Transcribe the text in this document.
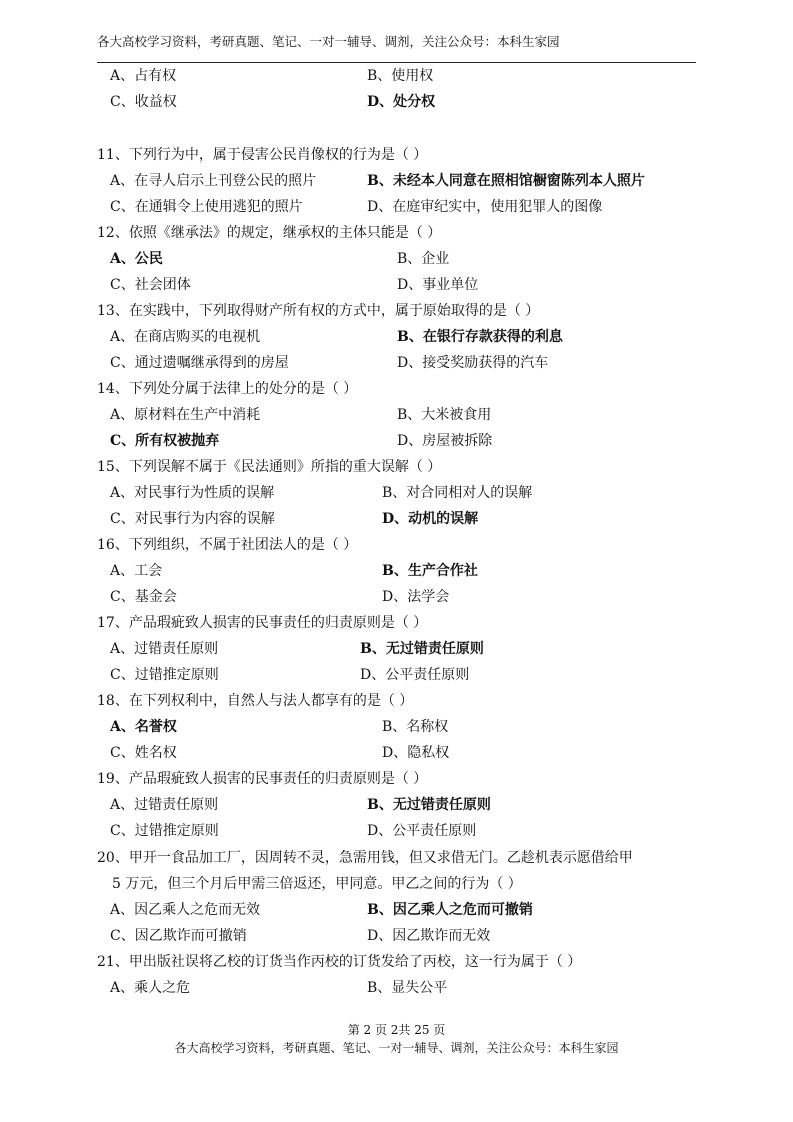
各大高校学习资料，考研真题、笔记、一对一辅导、调剂，关注公众号：本科生家园
A、占有权	B、使用权
C、收益权	D、处分权
11、下列行为中，属于侵害公民肖像权的行为是（ ）
A、在寻人启示上刊登公民的照片	B、未经本人同意在照相馆橱窗陈列本人照片
C、在通辑令上使用逃犯的照片	D、在庭审纪实中，使用犯罪人的图像
12、依照《继承法》的规定，继承权的主体只能是（ ）
A、公民	B、企业
C、社会团体	D、事业单位
13、在实践中，下列取得财产所有权的方式中，属于原始取得的是（ ）
A、在商店购买的电视机	B、在银行存款获得的利息
C、通过遗嘱继承得到的房屋	D、接受奖励获得的汽车
14、下列处分属于法律上的处分的是（ ）
A、原材料在生产中消耗	B、大米被食用
C、所有权被抛弃	D、房屋被拆除
15、下列误解不属于《民法通则》所指的重大误解（ ）
A、对民事行为性质的误解	B、对合同相对人的误解
C、对民事行为内容的误解	D、动机的误解
16、下列组织，不属于社团法人的是（ ）
A、工会	B、生产合作社
C、基金会	D、法学会
17、产品瑕疵致人损害的民事责任的归责原则是（ ）
A、过错责任原则	B、无过错责任原则
C、过错推定原则	D、公平责任原则
18、在下列权利中，自然人与法人都享有的是（ ）
A、名誉权	B、名称权
C、姓名权	D、隐私权
19、产品瑕疵致人损害的民事责任的归责原则是（ ）
A、过错责任原则	B、无过错责任原则
C、过错推定原则	D、公平责任原则
20、甲开一食品加工厂，因周转不灵，急需用钱，但又求借无门。乙趁机表示愿借给甲
5 万元，但三个月后甲需三倍返还，甲同意。甲乙之间的行为（ ）
A、因乙乘人之危而无效	B、因乙乘人之危而可撤销
C、因乙欺诈而可撤销	D、因乙欺诈而无效
21、甲出版社误将乙校的订货当作丙校的订货发给了丙校，这一行为属于（ ）
A、乘人之危	B、显失公平
第 2 页 2共 25 页
各大高校学习资料，考研真题、笔记、一对一辅导、调剂，关注公众号：本科生家园
